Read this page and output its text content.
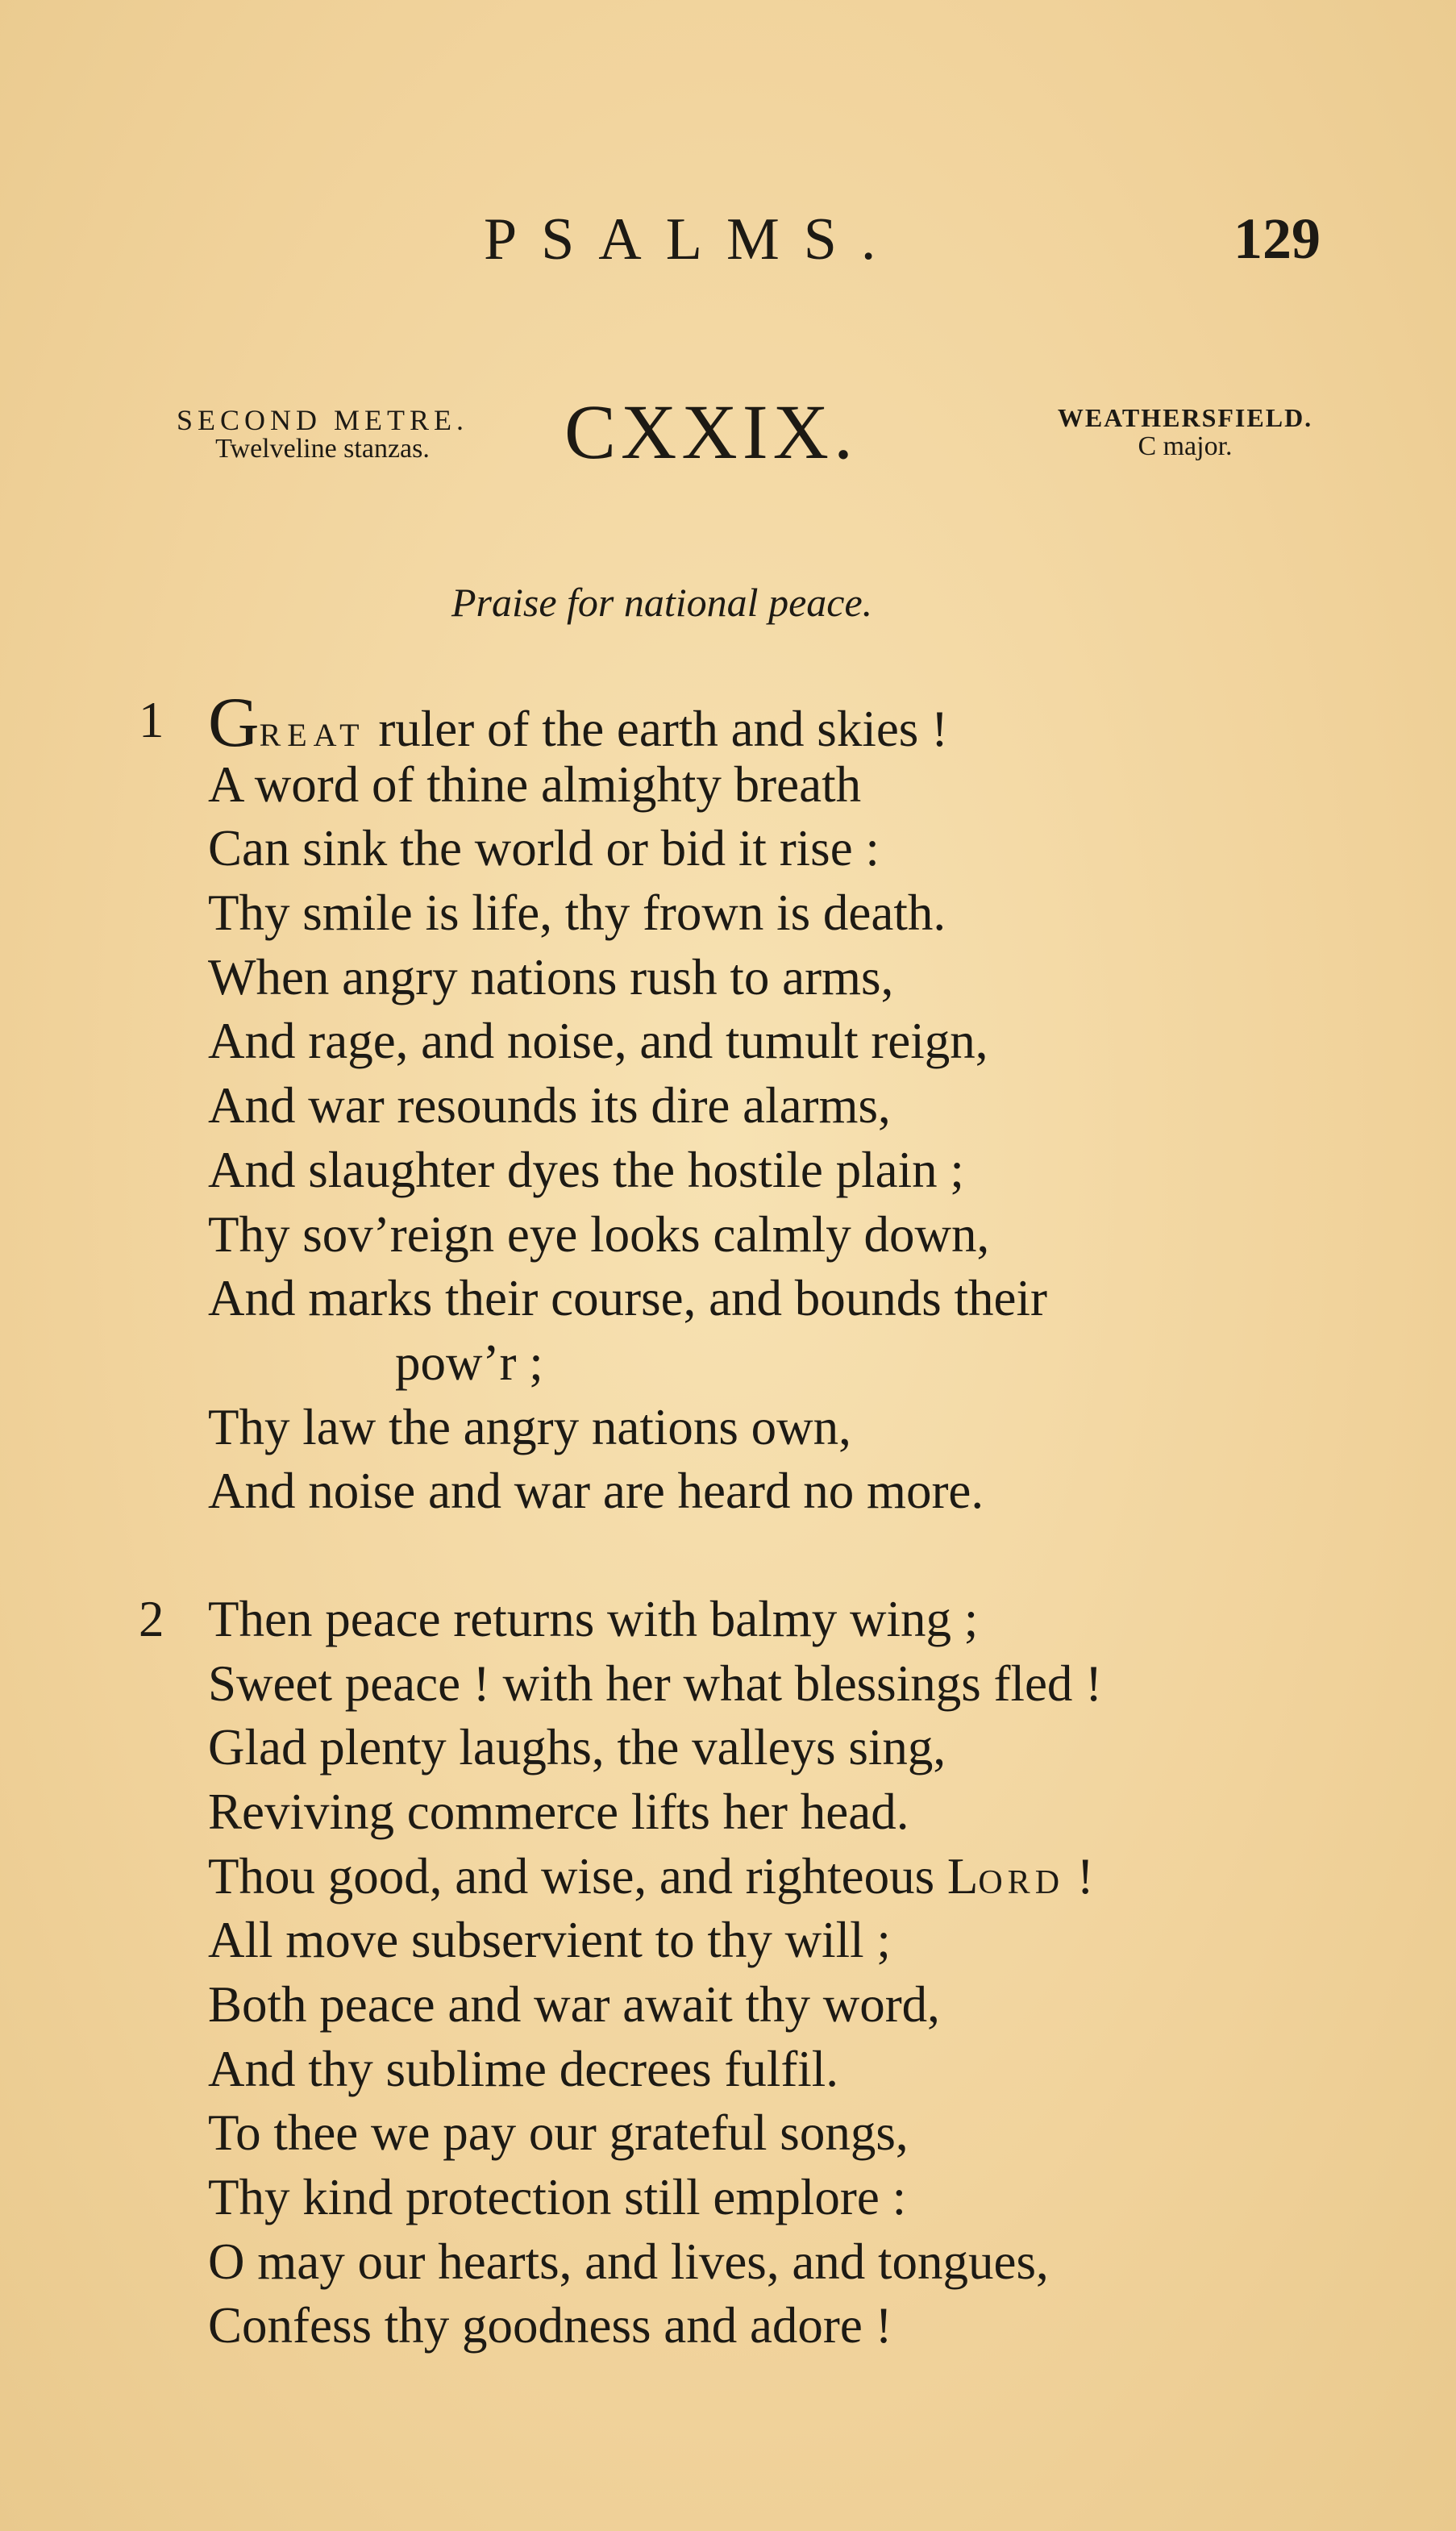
PSALMS.	129
SECOND METRE.
Twelveline stanzas.	CXXIX.	WEATHERSFIELD.
C major.
Praise for national peace.
1 GREAT ruler of the earth and skies !
A word of thine almighty breath
Can sink the world or bid it rise :
Thy smile is life, thy frown is death.
When angry nations rush to arms,
And rage, and noise, and tumult reign,
And war resounds its dire alarms,
And slaughter dyes the hostile plain ;
Thy sov’reign eye looks calmly down,
And marks their course, and bounds their
pow’r ;
Thy law the angry nations own,
And noise and war are heard no more.
2 Then peace returns with balmy wing ;
Sweet peace ! with her what blessings fled !
Glad plenty laughs, the valleys sing,
Reviving commerce lifts her head.
Thou good, and wise, and righteous LORD !
All move subservient to thy will ;
Both peace and war await thy word,
And thy sublime decrees fulfil.
To thee we pay our grateful songs,
Thy kind protection still emplore :
O may our hearts, and lives, and tongues,
Confess thy goodness and adore !
